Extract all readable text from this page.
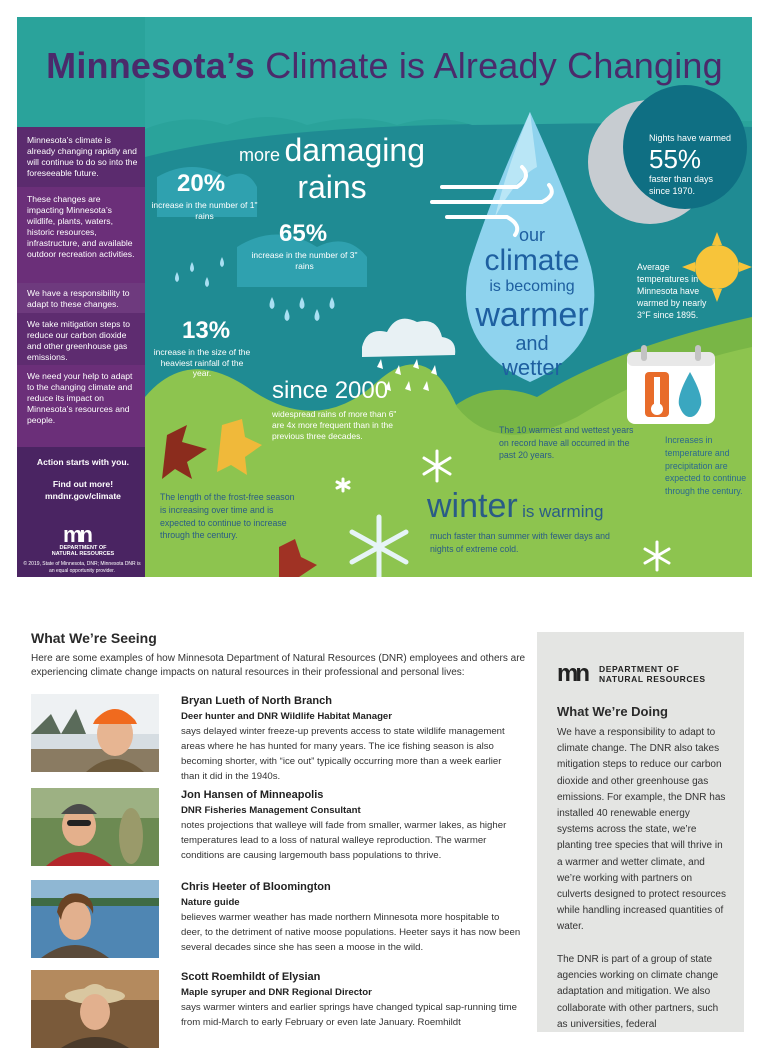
Minnesota’s Climate is Already Changing
Minnesota’s climate is already changing rapidly and will continue to do so into the foreseeable future.
These changes are impacting Minnesota’s wildlife, plants, waters, historic resources, infrastructure, and available outdoor recreation activities.
We have a responsibility to adapt to these changes.
We take mitigation steps to reduce our carbon dioxide and other greenhouse gas emissions.
We need your help to adapt to the changing climate and reduce its impact on Minnesota’s resources and people.
Action starts with you.
Find out more!
mndnr.gov/climate
mn
DEPARTMENT OF
NATURAL RESOURCES
© 2019, State of Minnesota, DNR; Minnesota DNR is an equal opportunity provider.
more damaging
rains
20%
increase in the number of 1" rains
65%
increase in the number of 3" rains
13%
increase in the size of the heaviest rainfall of the year.
since 2000
widespread rains of more than 6" are 4x more frequent than in the previous three decades.
our
climate
is becoming
warmer
and
wetter
Nights have warmed
55%
faster than days since 1970.
Average temperatures in Minnesota have warmed by nearly 3°F since 1895.
Increases in temperature and precipitation are expected to continue through the century.
The 10 warmest and wettest years on record have all occurred in the past 20 years.
The length of the frost-free season is increasing over time and is expected to continue to increase through the century.
winter is warming
much faster than summer with fewer days and nights of extreme cold.
What We’re Seeing
Here are some examples of how Minnesota Department of Natural Resources (DNR) employees and others are experiencing climate change impacts on natural resources in their professional and personal lives:
Bryan Lueth of North Branch
Deer hunter and DNR Wildlife Habitat Manager
says delayed winter freeze-up prevents access to state wildlife management areas where he has hunted for many years. The ice fishing season is also becoming shorter, with “ice out” typically occurring more than a week earlier than it did in the 1940s.
Jon Hansen of Minneapolis
DNR Fisheries Management Consultant
notes projections that walleye will fade from smaller, warmer lakes, as higher temperatures lead to a loss of natural walleye reproduction. The warmer conditions are causing largemouth bass populations to thrive.
Chris Heeter of Bloomington
Nature guide
believes warmer weather has made northern Minnesota more hospitable to deer, to the detriment of native moose populations. Heeter says it has now been several decades since she has seen a moose in the wild.
Scott Roemhildt of Elysian
Maple syruper and DNR Regional Director
says warmer winters and earlier springs have changed typical sap-running time from mid-March to early February or even late January. Roemhildt
mn DEPARTMENT OF
NATURAL RESOURCES
What We’re Doing

We have a responsibility to adapt to climate change. The DNR also takes mitigation steps to reduce our carbon dioxide and other greenhouse gas emissions. For example, the DNR has installed 40 renewable energy systems across the state, we’re planting tree species that will thrive in a warmer and wetter climate, and we’re working with partners on culverts designed to protect resources while handling increased quantities of water.

The DNR is part of a group of state agencies working on climate change adaptation and mitigation. We also collaborate with other partners, such as universities, federal
